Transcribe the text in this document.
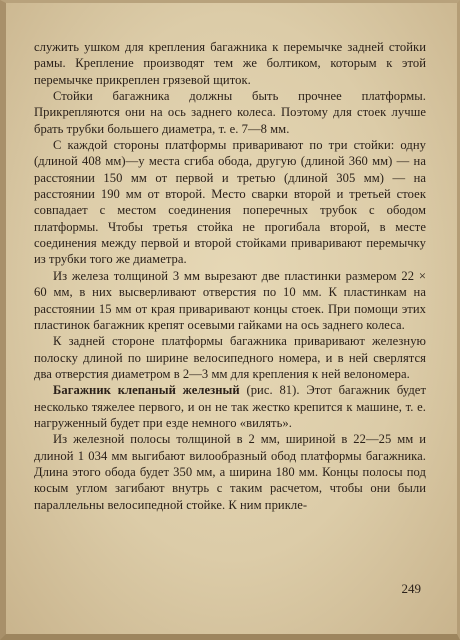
служить ушком для крепления багажника к перемычке задней стойки рамы. Крепление производят тем же болтиком, которым к этой перемычке прикреплен грязевой щиток.

Стойки багажника должны быть прочнее платформы. Прикрепляются они на ось заднего колеса. Поэтому для стоек лучше брать трубки большего диаметра, т. е. 7—8 мм.

С каждой стороны платформы приваривают по три стойки: одну (длиной 408 мм)—у места сгиба обода, другую (длиной 360 мм) — на расстоянии 150 мм от первой и третью (длиной 305 мм) — на расстоянии 190 мм от второй. Место сварки второй и третьей стоек совпадает с местом соединения поперечных трубок с ободом платформы. Чтобы третья стойка не прогибала второй, в месте соединения между первой и второй стойками приваривают перемычку из трубки того же диаметра.

Из железа толщиной 3 мм вырезают две пластинки размером 22 × 60 мм, в них высверливают отверстия по 10 мм. К пластинкам на расстоянии 15 мм от края приваривают концы стоек. При помощи этих пластинок багажник крепят осевыми гайками на ось заднего колеса.

К задней стороне платформы багажника приваривают железную полоску длиной по ширине велосипедного номера, и в ней сверлятся два отверстия диаметром в 2—3 мм для крепления к ней велономера.

Багажник клепаный железный (рис. 81). Этот багажник будет несколько тяжелее первого, и он не так жестко крепится к машине, т. е. нагруженный будет при езде немного «вилять».

Из железной полосы толщиной в 2 мм, шириной в 22—25 мм и длиной 1 034 мм выгибают вилообразный обод платформы багажника. Длина этого обода будет 350 мм, а ширина 180 мм. Концы полосы под косым углом загибают внутрь с таким расчетом, чтобы они были параллельны велосипедной стойке. К ним прикле-

249
